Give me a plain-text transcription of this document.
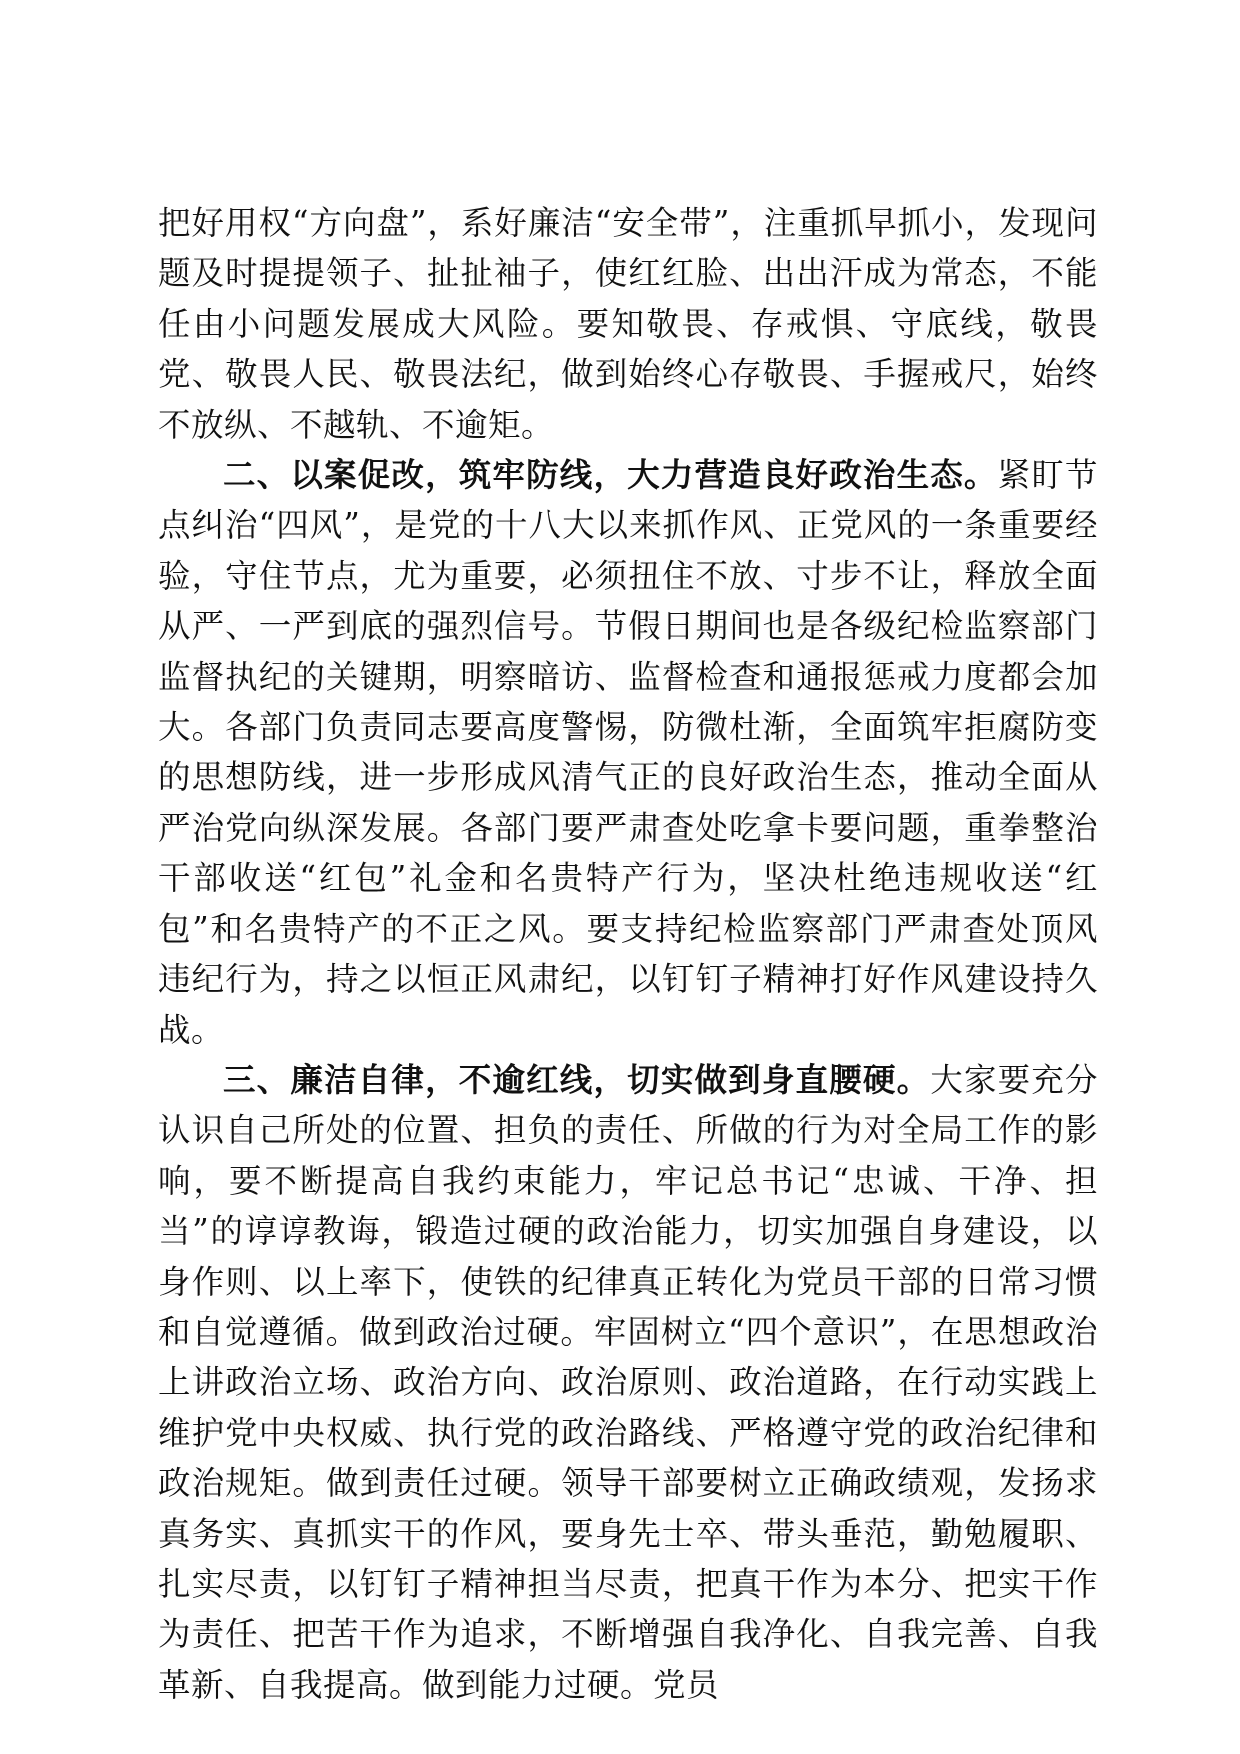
把好用权“方向盘”，系好廉洁“安全带”，注重抓早抓小，发现问题及时提提领子、扯扯袖子，使红红脸、出出汗成为常态，不能任由小问题发展成大风险。要知敬畏、存戒惧、守底线，敬畏党、敬畏人民、敬畏法纪，做到始终心存敬畏、手握戒尺，始终不放纵、不越轨、不逾矩。

二、以案促改，筑牢防线，大力营造良好政治生态。紧盯节点纠治“四风”，是党的十八大以来抓作风、正党风的一条重要经验，守住节点，尤为重要，必须扭住不放、寸步不让，释放全面从严、一严到底的强烈信号。节假日期间也是各级纪检监察部门监督执纪的关键期，明察暗访、监督检查和通报惩戒力度都会加大。各部门负责同志要高度警惕，防微杜渐，全面筑牢拒腐防变的思想防线，进一步形成风清气正的良好政治生态，推动全面从严治党向纵深发展。各部门要严肃查处吃拿卡要问题，重拳整治干部收送“红包”礼金和名贵特产行为，坚决杜绝违规收送“红包”和名贵特产的不正之风。要支持纪检监察部门严肃查处顶风违纪行为，持之以恒正风肃纪，以钉钉子精神打好作风建设持久战。

三、廉洁自律，不逾红线，切实做到身直腰硬。大家要充分认识自己所处的位置、担负的责任、所做的行为对全局工作的影响，要不断提高自我约束能力，牢记总书记“忠诚、干净、担当”的谆谆教诲，锻造过硬的政治能力，切实加强自身建设，以身作则、以上率下，使铁的纪律真正转化为党员干部的日常习惯和自觉遵循。做到政治过硬。牢固树立“四个意识”，在思想政治上讲政治立场、政治方向、政治原则、政治道路，在行动实践上维护党中央权威、执行党的政治路线、严格遵守党的政治纪律和政治规矩。做到责任过硬。领导干部要树立正确政绩观，发扬求真务实、真抓实干的作风，要身先士卒、带头垂范，勤勉履职、扎实尽责，以钉钉子精神担当尽责，把真干作为本分、把实干作为责任、把苦干作为追求，不断增强自我净化、自我完善、自我革新、自我提高。做到能力过硬。党员
